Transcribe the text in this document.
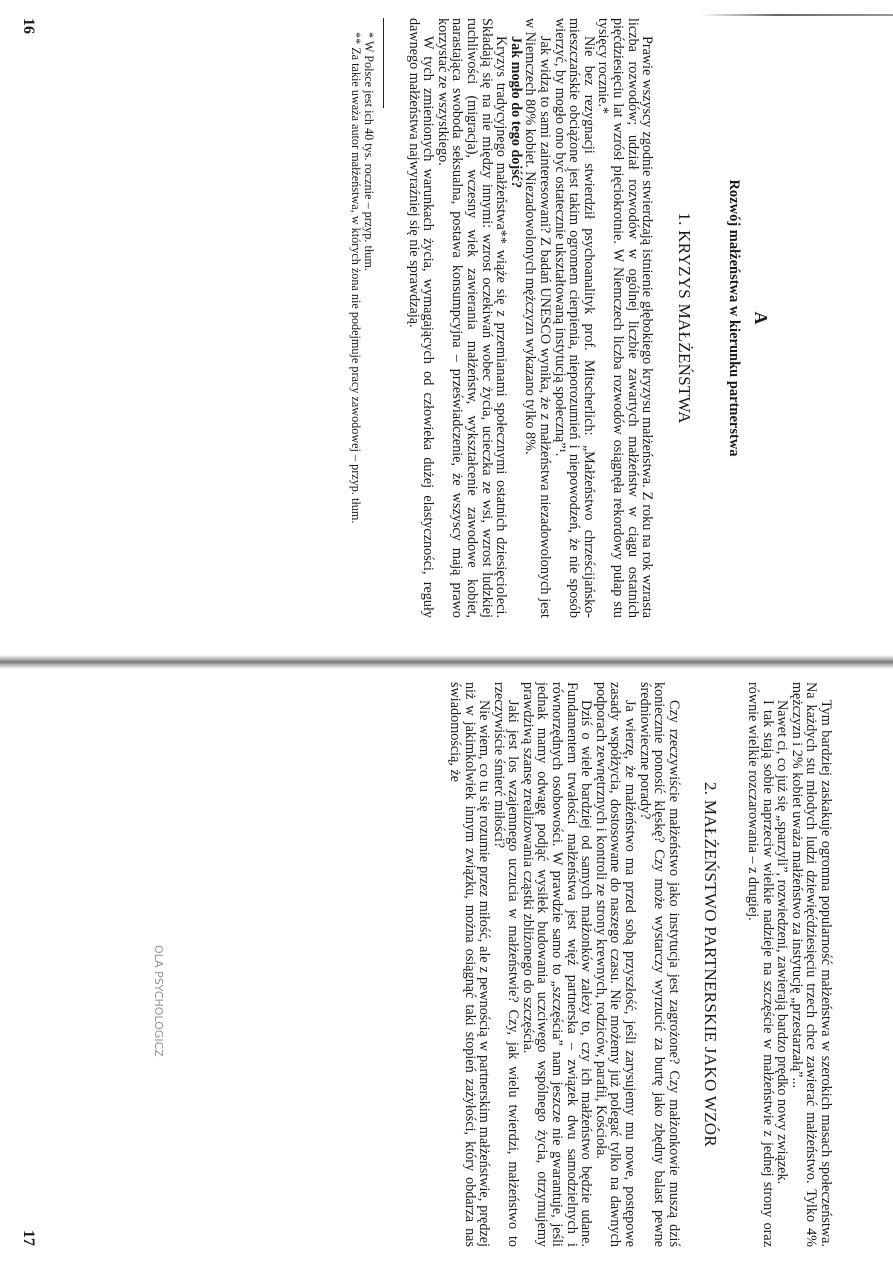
A
Rozwój małżeństwa w kierunku partnerstwa
1. KRYZYS MAŁŻEŃSTWA

Prawie wszyscy zgodnie stwierdzają istnienie głębokiego kryzysu małżeństwa. Z roku na rok wzrasta liczba rozwodów; udział rozwodów w ogólnej liczbie zawartych małżeństw w ciągu ostatnich pięćdziesięciu lat wzrósł pięciokrotnie. W Niemczech liczba rozwodów osiągnęła rekordowy pułap stu tysięcy rocznie.*

Nie bez rezygnacji stwierdził psychoanalityk prof. Mitscherlich: „Małżeństwo chrześcijańsko-mieszczańskie obciążone jest takim ogromem cierpienia, nieporozumień i niepowodzeń, że nie sposób wierzyć, by mogło ono być ostatecznie ukształtowaną instytucją społeczną”¹.

Jak widzą to sami zainteresowani? Z badań UNESCO wynika, że z małżeństwa niezadowolonych jest w Niemczech 80% kobiet. Niezadowolonych mężczyzn wykazano tylko 8%.

Jak mogło do tego dojść?

Kryzys tradycyjnego małżeństwa** wiąże się z przemianami społecznymi ostatnich dziesięcioleci. Składają się na nie między innymi: wzrost oczekiwań wobec życia, ucieczka ze wsi, wzrost ludzkiej ruchliwości (migracja), wczesny wiek zawierania małżeństw, wykształcenie zawodowe kobiet, narastająca swoboda seksualna, postawa konsumpcyjna – przeświadczenie, że wszyscy mają prawo korzystać ze wszystkiego.

W tych zmienionych warunkach życia, wymagających od człowieka dużej elastyczności, reguły dawnego małżeństwa najwyraźniej się nie sprawdzają.

* W Polsce jest ich 40 tys. rocznie – przyp. tłum.

** Za takie uważa autor małżeństwa, w których żona nie podejmuje pracy zawodowej – przyp. tłum.

16

Tym bardziej zaskakuje ogromna popularność małżeństwa w szerokich masach społeczeństwa. Na każdych stu młodych ludzi dziewięćdziesięciu trzech chce zawierać małżeństwo. Tylko 4% mężczyzn i 2% kobiet uważa małżeństwo za instytucję „przestarzałą”...

Nawet ci, co już się „sparzyli”, rozwiedzeni, zawierają bardzo prędko nowy związek.

I tak stają sobie naprzeciw wielkie nadzieje na szczęście w małżeństwie z jednej strony oraz równie wielkie rozczarowania – z drugiej.

2. MAŁŻEŃSTWO PARTNERSKIE JAKO WZÓR

Czy rzeczywiście małżeństwo jako instytucja jest zagrożone? Czy małżonkowie muszą dziś koniecznie ponosić klęskę? Czy może wystarczy wyrzucić za burtę jako zbędny balast pewne średniowieczne porady?

Ja wierzę, że małżeństwo ma przed sobą przyszłość, jeśli zarysujemy mu nowe, postępowe zasady współżycia, dostosowane do naszego czasu. Nie możemy już polegać tylko na dawnych podporach zewnętrznych i kontroli ze strony krewnych, rodziców, parafii, Kościoła.

Dziś o wiele bardziej od samych małżonków zależy to, czy ich małżeństwo będzie udane. Fundamentem trwałości małżeństwa jest więź partnerska – związek dwu samodzielnych i równorzędnych osobowości. W prawdzie samo to „szczęścia” nam jeszcze nie gwarantuje, jeśli jednak mamy odwagę podjąć wysiłek budowania uczciwego wspólnego życia, otrzymujemy prawdziwą szansę zrealizowania cząstki zbliżonego do szczęścia.

Jaki jest los wzajemnego uczucia w małżeństwie? Czy, jak wielu twierdzi, małżeństwo to rzeczywiście śmierć miłości?

Nie wiem, co tu się rozumie przez miłość, ale z pewnością w partnerskim małżeństwie, prędzej niż w jakimkolwiek innym związku, można osiągnąć taki stopień zażyłości, który obdarza nas świadomością, że

17
OLA PSYCHOLOGICZ
